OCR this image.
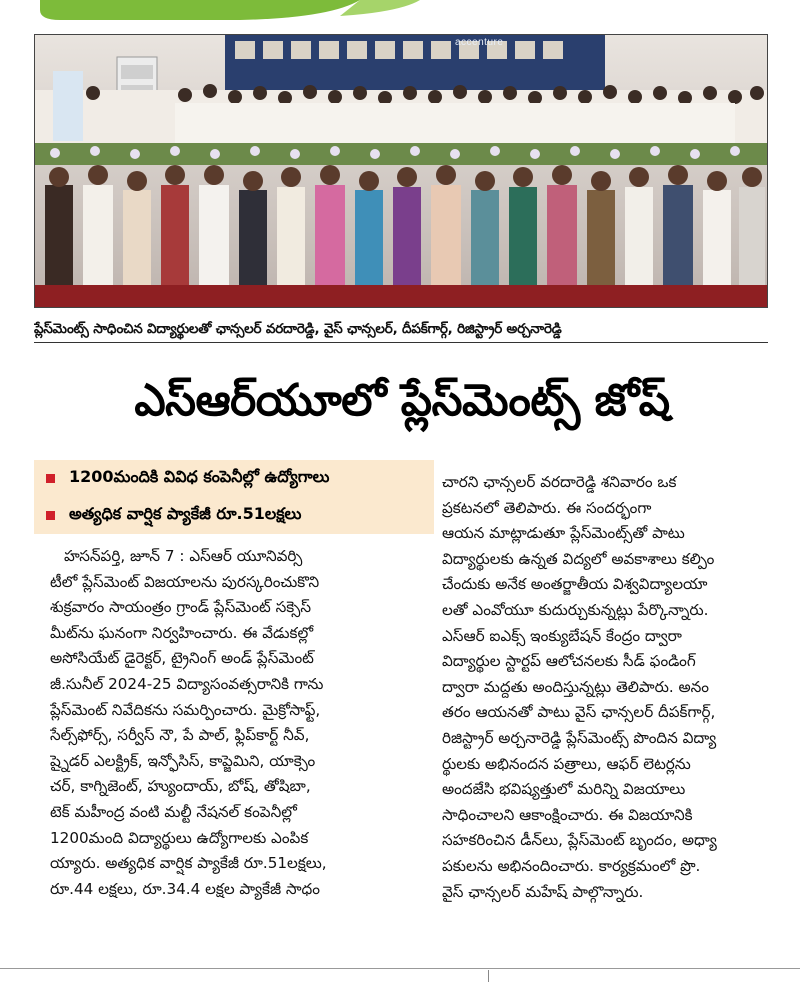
accenture
ప్లేస్‌మెంట్స్ సాధించిన విద్యార్థులతో ఛాన్సలర్ వరదారెడ్డి, వైస్ ఛాన్సలర్, దీపక్‌గార్గ్, రిజిస్ట్రార్ అర్చనారెడ్డి
ఎస్ఆర్‌యూలో ప్లేస్‌మెంట్స్ జోష్
1200మందికి వివిధ కంపెనీల్లో ఉద్యోగాలు
అత్యధిక వార్షిక ప్యాకేజీ రూ.51లక్షలు
హసన్‌పర్తి, జూన్ 7 : ఎస్ఆర్ యూనివర్సి
టీలో ప్లేస్‌మెంట్ విజయాలను పురస్కరించుకొని
శుక్రవారం సాయంత్రం గ్రాండ్ ప్లేస్‌మెంట్ సక్సెస్
మీట్‌ను ఘనంగా నిర్వహించారు. ఈ వేడుకల్లో
అసోసియేట్ డైరెక్టర్, ట్రైనింగ్ అండ్ ప్లేస్‌మెంట్
జీ.సునీల్ 2024-25 విద్యాసంవత్సరానికి గాను
ప్లేస్‌మెంట్ నివేదికను సమర్పించారు. మైక్రోసాఫ్ట్,
సేల్స్‌ఫోర్స్, సర్వీస్ నౌ, పే పాల్, ఫ్లిప్‌కార్ట్ నీవ్,
ష్నైడర్ ఎలక్ట్రిక్, ఇన్ఫోసిస్, కాప్జెమిని, యాక్సెం
చర్, కాగ్నిజెంట్, హ్యుందాయ్, బోష్, తోషిబా,
టెక్ మహీంద్ర వంటి మల్టీ నేషనల్ కంపెనీల్లో
1200మంది విద్యార్థులు ఉద్యోగాలకు ఎంపిక
య్యారు. అత్యధిక వార్షిక ప్యాకేజీ రూ.51లక్షలు,
రూ.44 లక్షలు, రూ.34.4 లక్షల ప్యాకేజీ సాధం
చారని ఛాన్సలర్ వరదారెడ్డి శనివారం ఒక
ప్రకటనలో తెలిపారు. ఈ సందర్భంగా
ఆయన మాట్లాడుతూ ప్లేస్‌మెంట్స్‌తో పాటు
విద్యార్థులకు ఉన్నత విద్యలో అవకాశాలు కల్పిం
చేందుకు అనేక అంతర్జాతీయ విశ్వవిద్యాలయా
లతో ఎంవోయూ కుదుర్చుకున్నట్లు పేర్కొన్నారు.
ఎస్ఆర్ ఐఎక్స్ ఇంక్యుబేషన్ కేంద్రం ద్వారా
విద్యార్థుల స్టార్టప్ ఆలోచనలకు సీడ్ ఫండింగ్
ద్వారా మద్దతు అందిస్తున్నట్లు తెలిపారు. అనం
తరం ఆయనతో పాటు వైస్ ఛాన్సలర్ దీపక్‌గార్గ్,
రిజిస్ట్రార్ అర్చనారెడ్డి ప్లేస్‌మెంట్స్ పొందిన విద్యా
ర్థులకు అభినందన పత్రాలు, ఆఫర్ లెటర్లను
అందజేసి భవిష్యత్తులో మరిన్ని విజయాలు
సాధించాలని ఆకాంక్షించారు. ఈ విజయానికి
సహకరించిన డీన్‌లు, ప్లేస్‌మెంట్ బృందం, అధ్యా
పకులను అభినందించారు. కార్యక్రమంలో ప్రొ.
వైస్ ఛాన్సలర్ మహేష్ పాల్గొన్నారు.
